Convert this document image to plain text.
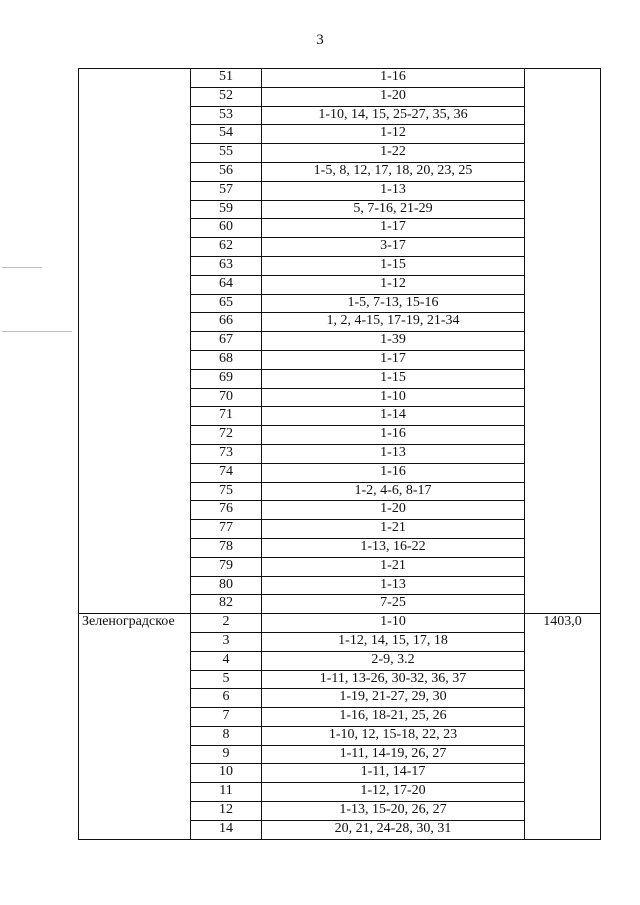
3
	51	1-16	
	52	1-20	
	53	1-10, 14, 15, 25-27, 35, 36	
	54	1-12	
	55	1-22	
	56	1-5, 8, 12, 17, 18, 20, 23, 25	
	57	1-13	
	59	5, 7-16, 21-29	
	60	1-17	
	62	3-17	
	63	1-15	
	64	1-12	
	65	1-5, 7-13, 15-16	
	66	1, 2, 4-15, 17-19, 21-34	
	67	1-39	
	68	1-17	
	69	1-15	
	70	1-10	
	71	1-14	
	72	1-16	
	73	1-13	
	74	1-16	
	75	1-2, 4-6, 8-17	
	76	1-20	
	77	1-21	
	78	1-13, 16-22	
	79	1-21	
	80	1-13	
	82	7-25	
Зеленоградское	2	1-10	1403,0
	3	1-12, 14, 15, 17, 18	
	4	2-9, 3.2	
	5	1-11, 13-26, 30-32, 36, 37	
	6	1-19, 21-27, 29, 30	
	7	1-16, 18-21, 25, 26	
	8	1-10, 12, 15-18, 22, 23	
	9	1-11, 14-19, 26, 27	
	10	1-11, 14-17	
	11	1-12, 17-20	
	12	1-13, 15-20, 26, 27	
	14	20, 21, 24-28, 30, 31	
